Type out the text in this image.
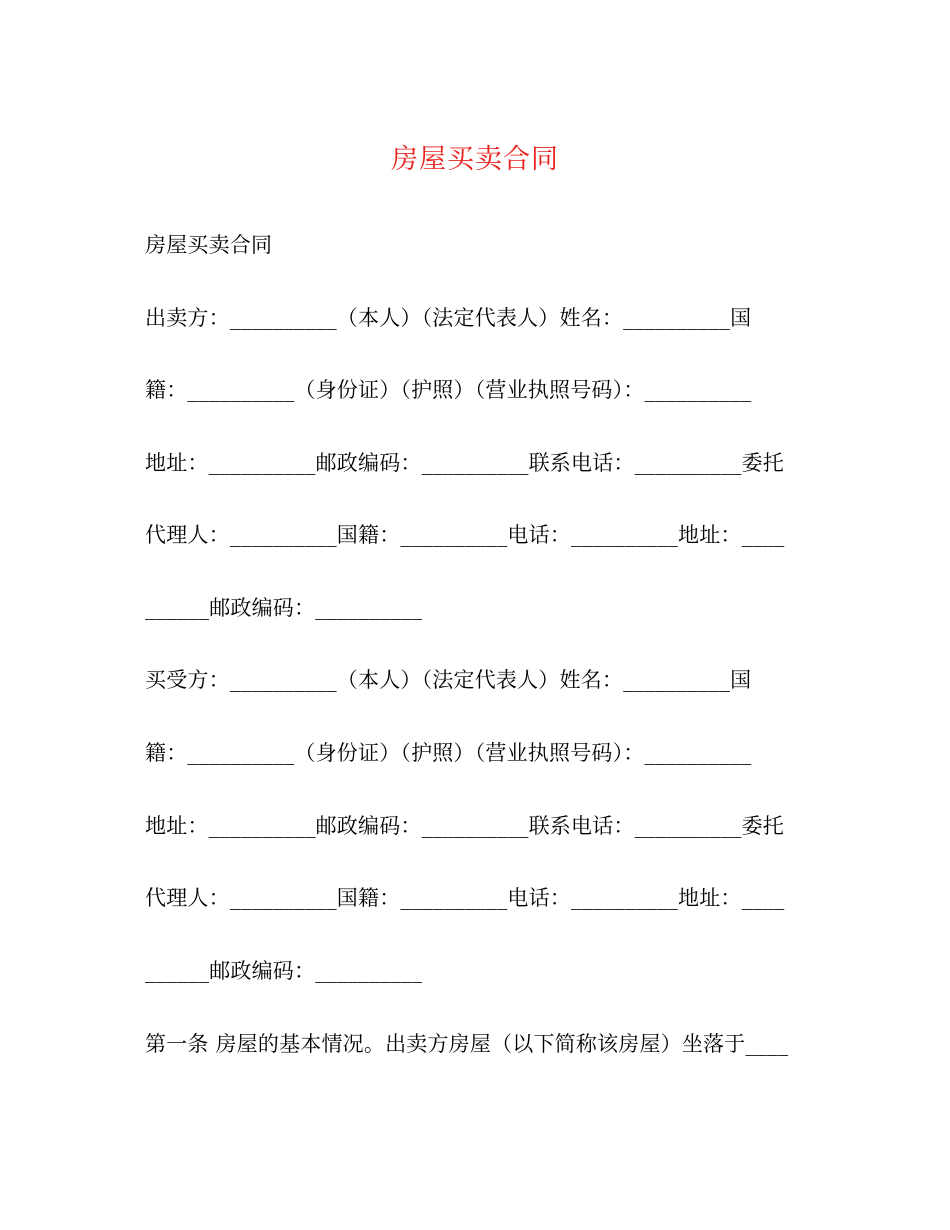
房屋买卖合同
房屋买卖合同
出卖方：__________（本人）（法定代表人）姓名：__________国
籍：__________（身份证）（护照）（营业执照号码）：__________
地址：__________邮政编码：__________联系电话：__________委托
代理人：__________国籍：__________电话：__________地址：____
______邮政编码：__________
买受方：__________（本人）（法定代表人）姓名：__________国
籍：__________（身份证）（护照）（营业执照号码）：__________
地址：__________邮政编码：__________联系电话：__________委托
代理人：__________国籍：__________电话：__________地址：____
______邮政编码：__________
第一条 房屋的基本情况。出卖方房屋（以下简称该房屋）坐落于____
